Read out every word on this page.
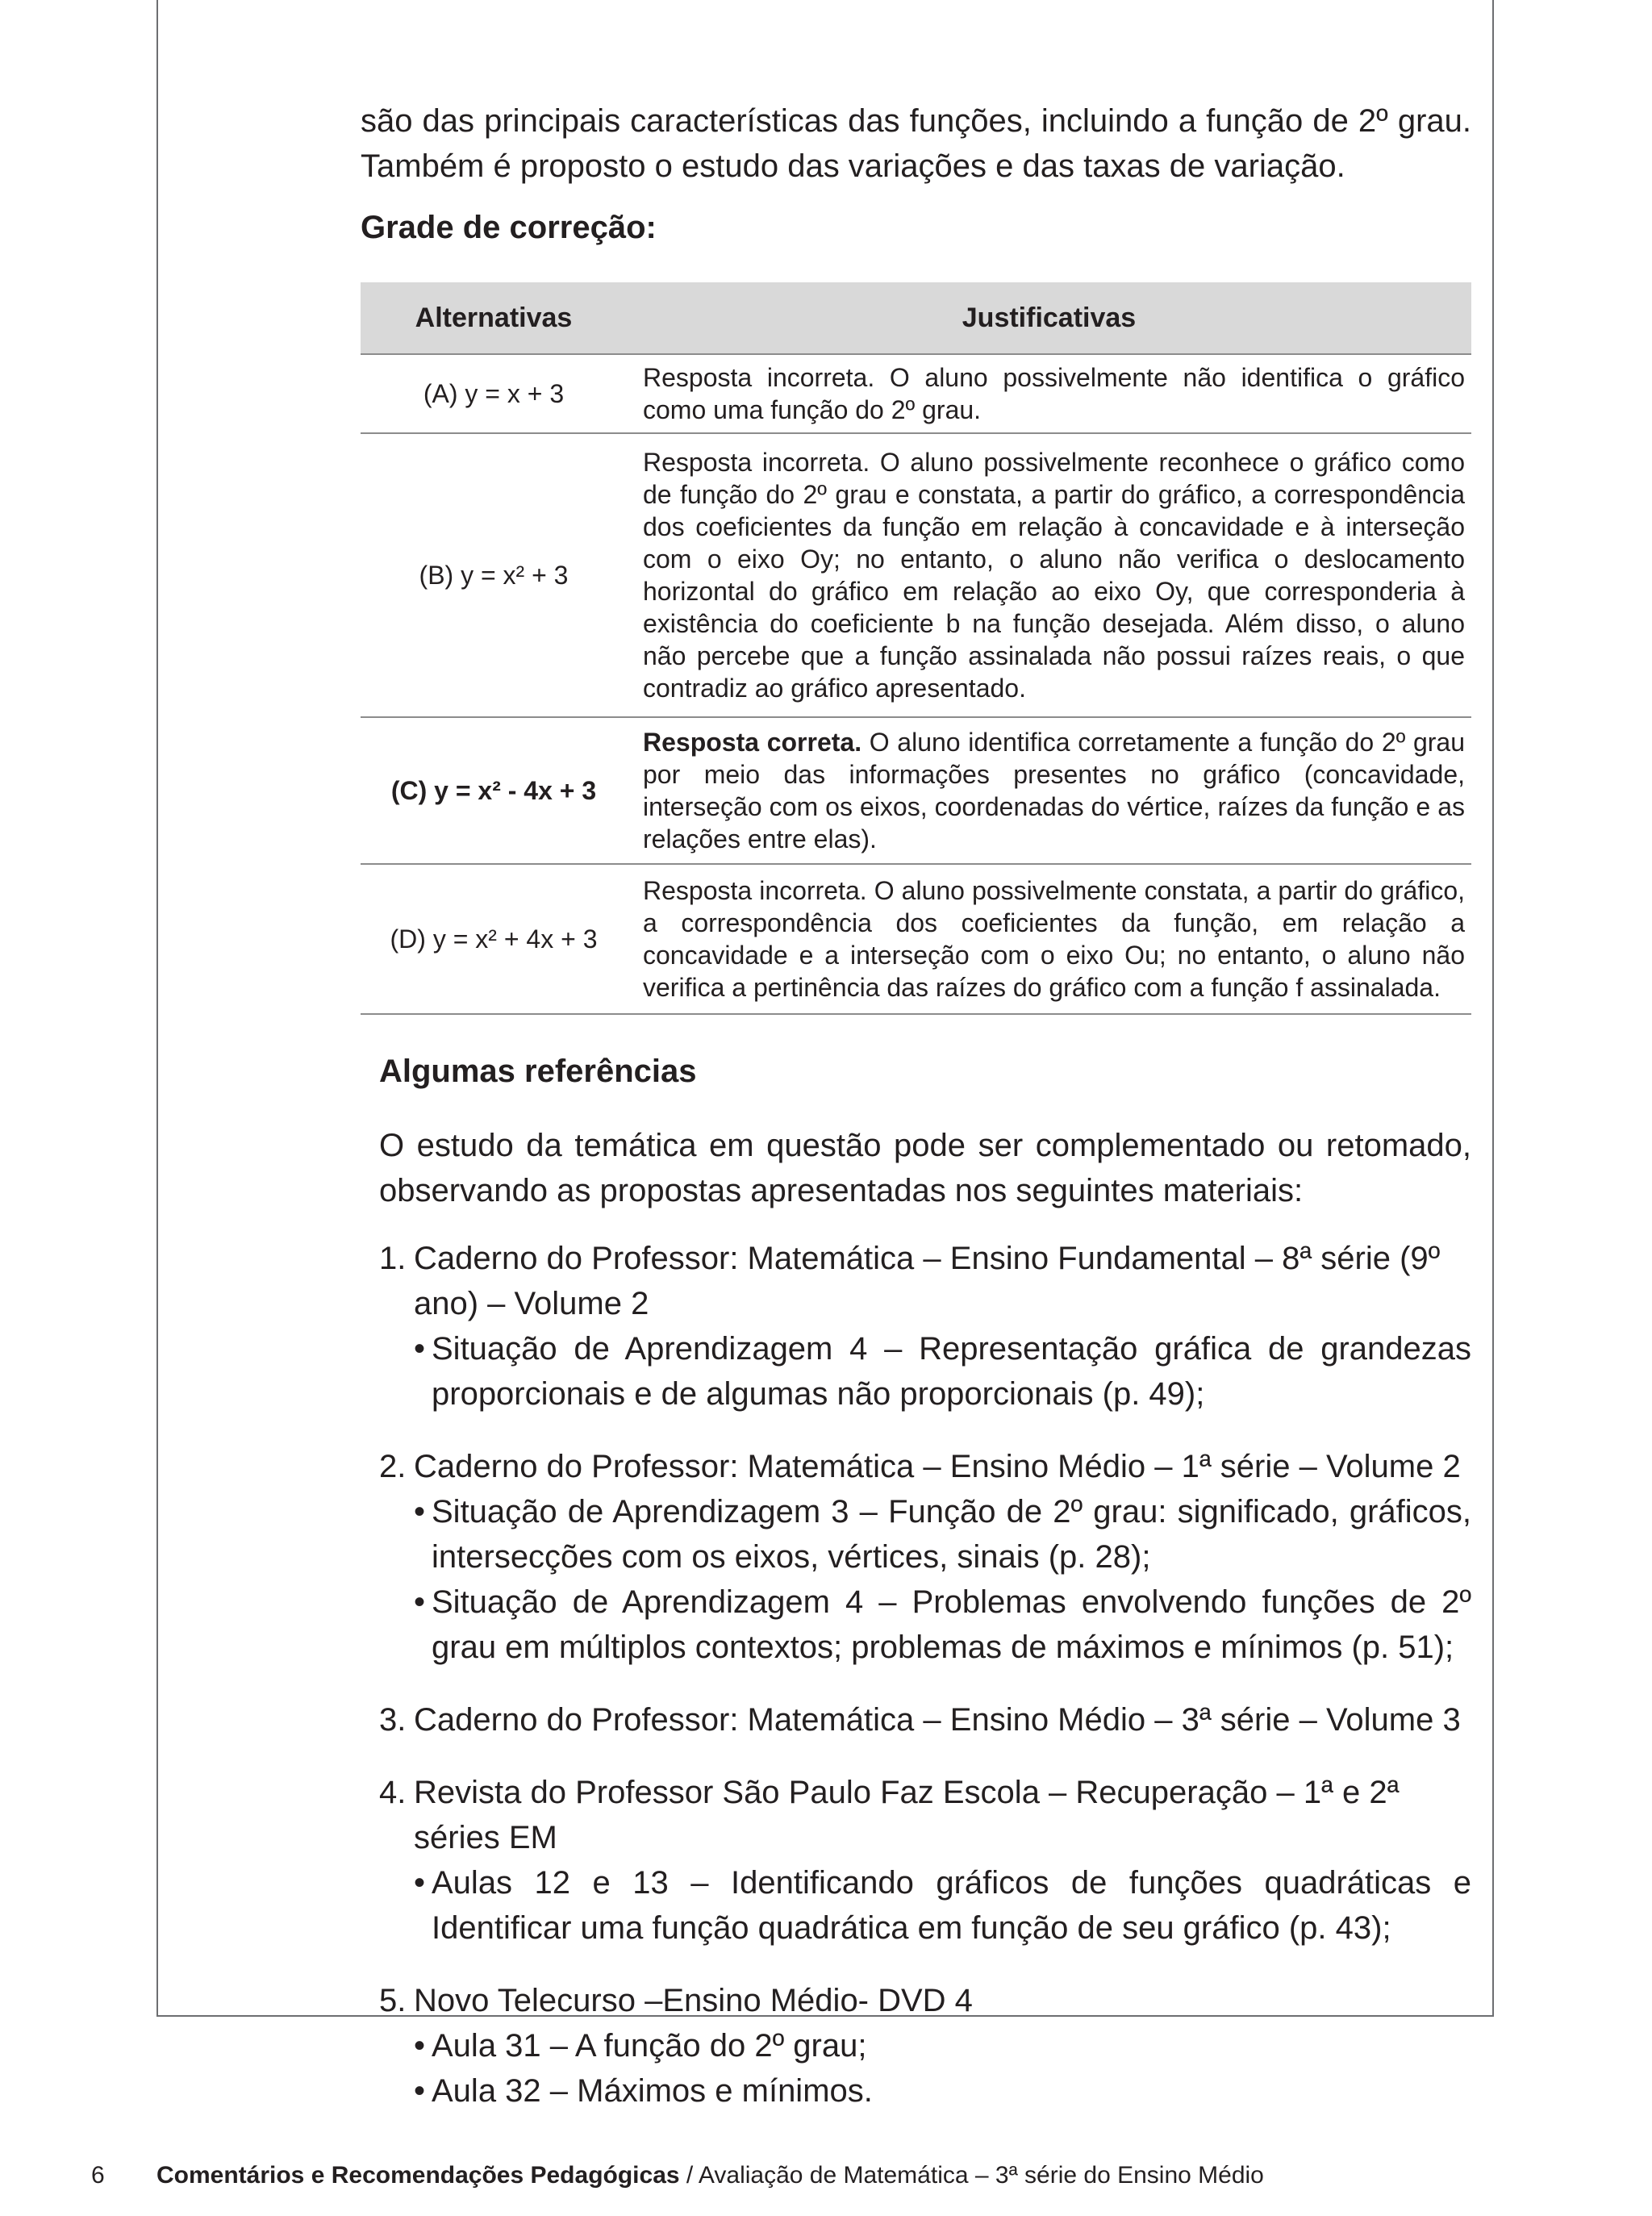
são das principais características das funções, incluindo a função de 2º grau.

Também é proposto o estudo das variações e das taxas de variação.

Grade de correção:
Alternativas	Justificativas
(A) y = x + 3	Resposta incorreta. O aluno possivelmente não identifica o gráfico como uma função do 2º grau.
(B) y = x² + 3	Resposta incorreta. O aluno possivelmente reconhece o gráfico como de função do 2º grau e constata, a partir do gráfico, a correspondência dos coeficientes da função em relação à concavidade e à interseção com o eixo Oy; no entanto, o aluno não verifica o deslocamento horizontal do gráfico em relação ao eixo Oy, que corresponderia à existência do coeficiente b na função desejada. Além disso, o aluno não percebe que a função assinalada não possui raízes reais, o que contradiz ao gráfico apresentado.
(C) y = x² - 4x + 3	Resposta correta. O aluno identifica corretamente a função do 2º grau por meio das informações presentes no gráfico (concavidade, interseção com os eixos, coordenadas do vértice, raízes da função e as relações entre elas).
(D) y = x² + 4x + 3	Resposta incorreta. O aluno possivelmente constata, a partir do gráfico, a correspondência dos coeficientes da função, em relação a concavidade e a interseção com o eixo Ou; no entanto, o aluno não verifica a pertinência das raízes do gráfico com a função f assinalada.
Algumas referências

O estudo da temática em questão pode ser complementado ou retomado, observando as propostas apresentadas nos seguintes materiais:

1. Caderno do Professor: Matemática – Ensino Fundamental – 8ª série (9º ano) – Volume 2
• Situação de Aprendizagem 4 – Representação gráfica de grandezas proporcionais e de algumas não proporcionais (p. 49);
2. Caderno do Professor: Matemática – Ensino Médio – 1ª série – Volume 2
• Situação de Aprendizagem 3 – Função de 2º grau: significado, gráficos, intersecções com os eixos, vértices, sinais (p. 28);
• Situação de Aprendizagem 4 – Problemas envolvendo funções de 2º grau em múltiplos contextos; problemas de máximos e mínimos (p. 51);
3. Caderno do Professor: Matemática – Ensino Médio – 3ª série – Volume 3
4. Revista do Professor São Paulo Faz Escola – Recuperação – 1ª e 2ª séries EM
• Aulas 12 e 13 – Identificando gráficos de funções quadráticas e Identificar uma função quadrática em função de seu gráfico (p. 43);
5. Novo Telecurso –Ensino Médio- DVD 4
• Aula 31 – A função do 2º grau;
• Aula 32 – Máximos e mínimos.
6 Comentários e Recomendações Pedagógicas / Avaliação de Matemática – 3ª série do Ensino Médio
